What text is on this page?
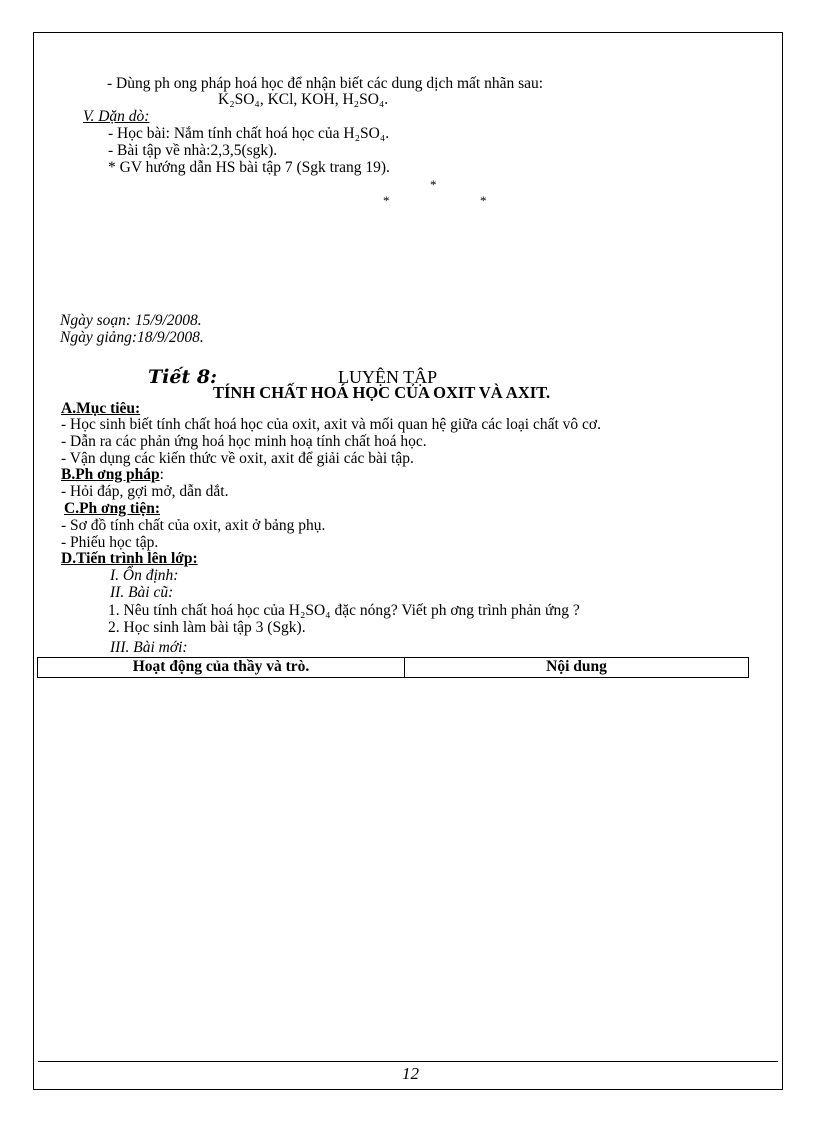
- Dùng ph ong pháp hoá học để nhận biết các dung dịch mất nhãn sau:
K₂SO₄, KCl, KOH, H₂SO₄.
V. Dặn dò:
- Học bài: Nắm tính chất hoá học của H₂SO₄.
- Bài tập về nhà:2,3,5(sgk).
* GV hướng dẫn HS bài tập 7 (Sgk trang 19).
*
*	*
Ngày soạn: 15/9/2008.
Ngày giảng:18/9/2008.
Tiết 8:	LUYỆN TẬP
TÍNH CHẤT HOÁ HỌC CỦA OXIT VÀ AXIT.
A.Mục tiêu:
- Học sinh biết tính chất hoá học của oxit, axit và mối quan hệ giữa các loại chất vô cơ.
- Dẫn ra các phản ứng hoá học minh hoạ tính chất hoá học.
- Vận dụng các kiến thức về oxit, axit để giải các bài tập.
B.Ph ơng pháp:
- Hỏi đáp, gợi mở, dẫn dắt.
C.Ph ơng tiện:
- Sơ đồ tính chất của oxit, axit ở bảng phụ.
- Phiếu học tập.
D.Tiến trình lên lớp:
I. Ổn định:
II. Bài cũ:
1. Nêu tính chất hoá học của H₂SO₄ đặc nóng? Viết ph ơng trình phản ứng ?
2. Học sinh làm bài tập 3 (Sgk).
III. Bài mới:
Hoạt động của thầy và trò.	Nội dung
12
